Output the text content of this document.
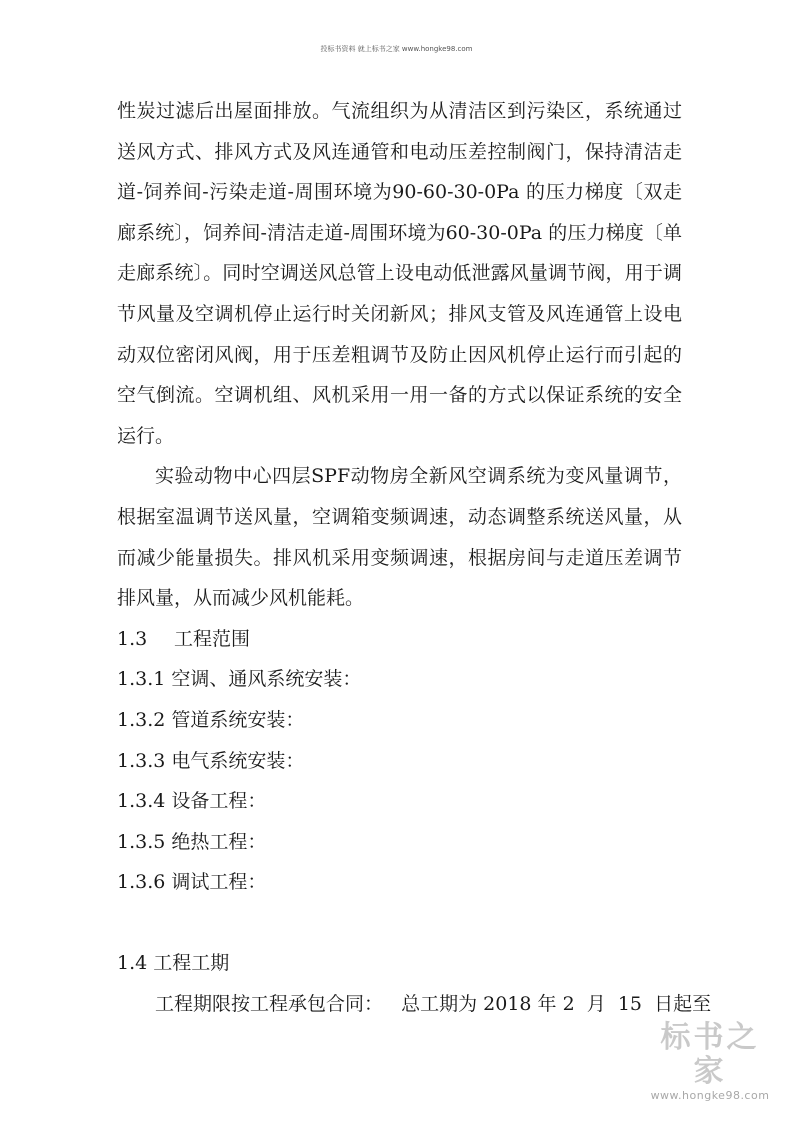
投标书资料 就上标书之家 www.hongke98.com

性炭过滤后出屋面排放。气流组织为从清洁区到污染区，系统通过送风方式、排风方式及风连通管和电动压差控制阀门，保持清洁走道-饲养间-污染走道-周围环境为90-60-30-0Pa 的压力梯度〔双走廊系统〕，饲养间-清洁走道-周围环境为60-30-0Pa 的压力梯度〔单走廊系统〕。同时空调送风总管上设电动低泄露风量调节阀，用于调节风量及空调机停止运行时关闭新风；排风支管及风连通管上设电动双位密闭风阀，用于压差粗调节及防止因风机停止运行而引起的空气倒流。空调机组、风机采用一用一备的方式以保证系统的安全运行。

实验动物中心四层SPF动物房全新风空调系统为变风量调节，根据室温调节送风量，空调箱变频调速，动态调整系统送风量，从而减少能量损失。排风机采用变频调速，根据房间与走道压差调节排风量，从而减少风机能耗。

1.3 工程范围
1.3.1 空调、通风系统安装：
1.3.2 管道系统安装：
1.3.3 电气系统安装：
1.3.4 设备工程：
1.3.5 绝热工程：
1.3.6 调试工程：
1.4 工程工期

工程期限按工程承包合同：   总工期为 2018 年 2  月  15  日起至

标书之家
www.hongke98.com
